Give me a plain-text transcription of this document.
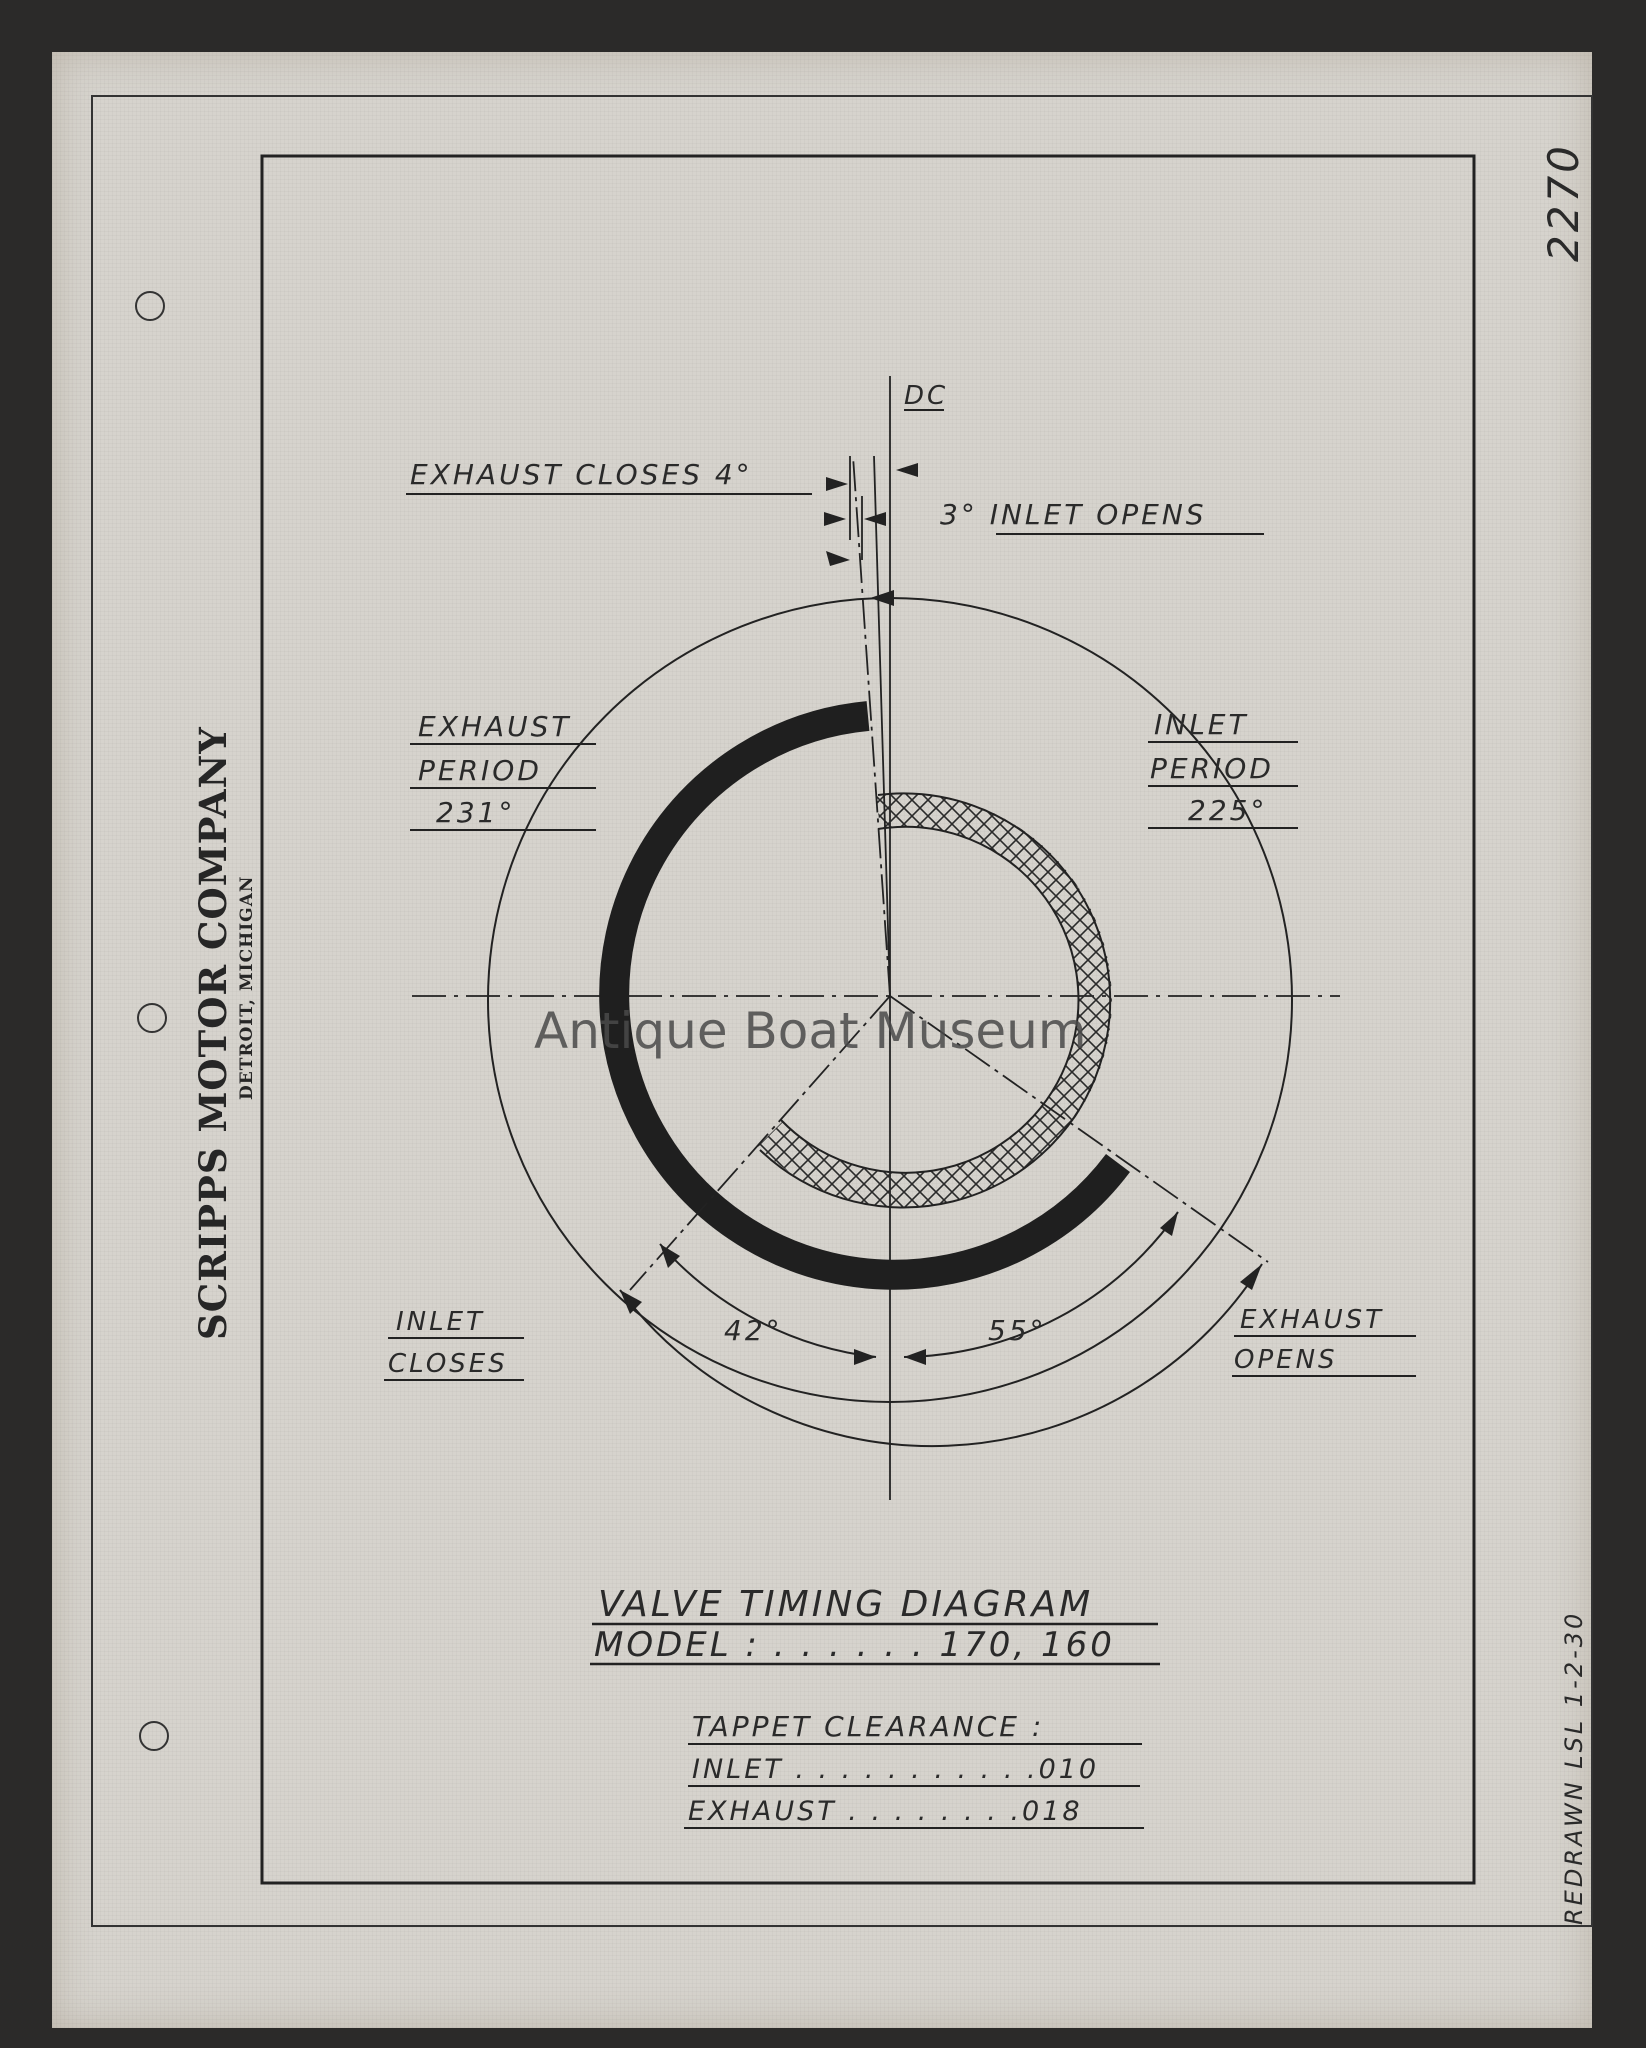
SCRIPPS MOTOR COMPANY DETROIT, MICHIGAN
2270
REDRAWN LSL 1-2-30
DC
EXHAUST CLOSES 4°
3° INLET OPENS
EXHAUST
PERIOD
231°
INLET
PERIOD
225°
INLET
CLOSES
EXHAUST
OPENS
42°	55°
Antique Boat Museum
VALVE TIMING DIAGRAM
MODEL : . . . . . . 170, 160
TAPPET CLEARANCE :
INLET . . . . . . . . . . .010
EXHAUST . . . . . . . .018
